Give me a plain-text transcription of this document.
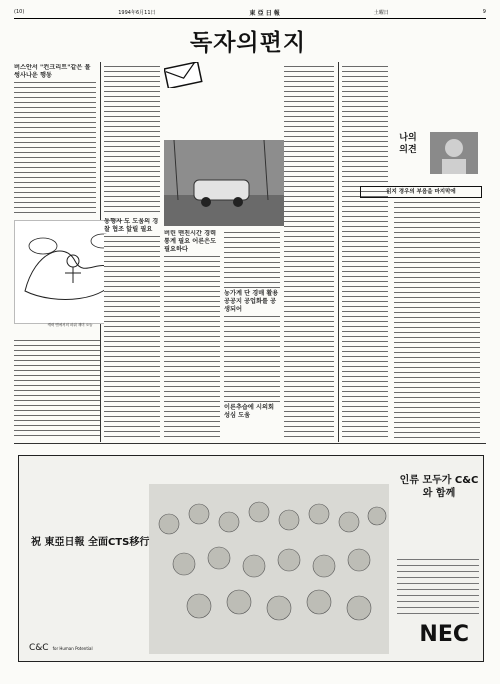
(10)	1994年6月11日	東 亞 日 報	土曜日	9
독자의편지
버스안서 "컨크리트"같은 볼썽사나운 행동
캐릭 맨에서의 파워 재미 오늘
동행자 도 도움의 경찰 협조 알릴 필요
버린 맨친시간 경력통계 필요 어른은도 필요하다
농가계 단 경매 활용 공공지 공업화를 공생되어
이른추습에 시의회 성심 도움
나의 의견
읽지 경우의 부음을 마지막에
祝 東亞日報 全面CTS移行
인류 모두가 C&C 와 함께
C&C for Human Potential
NEC
